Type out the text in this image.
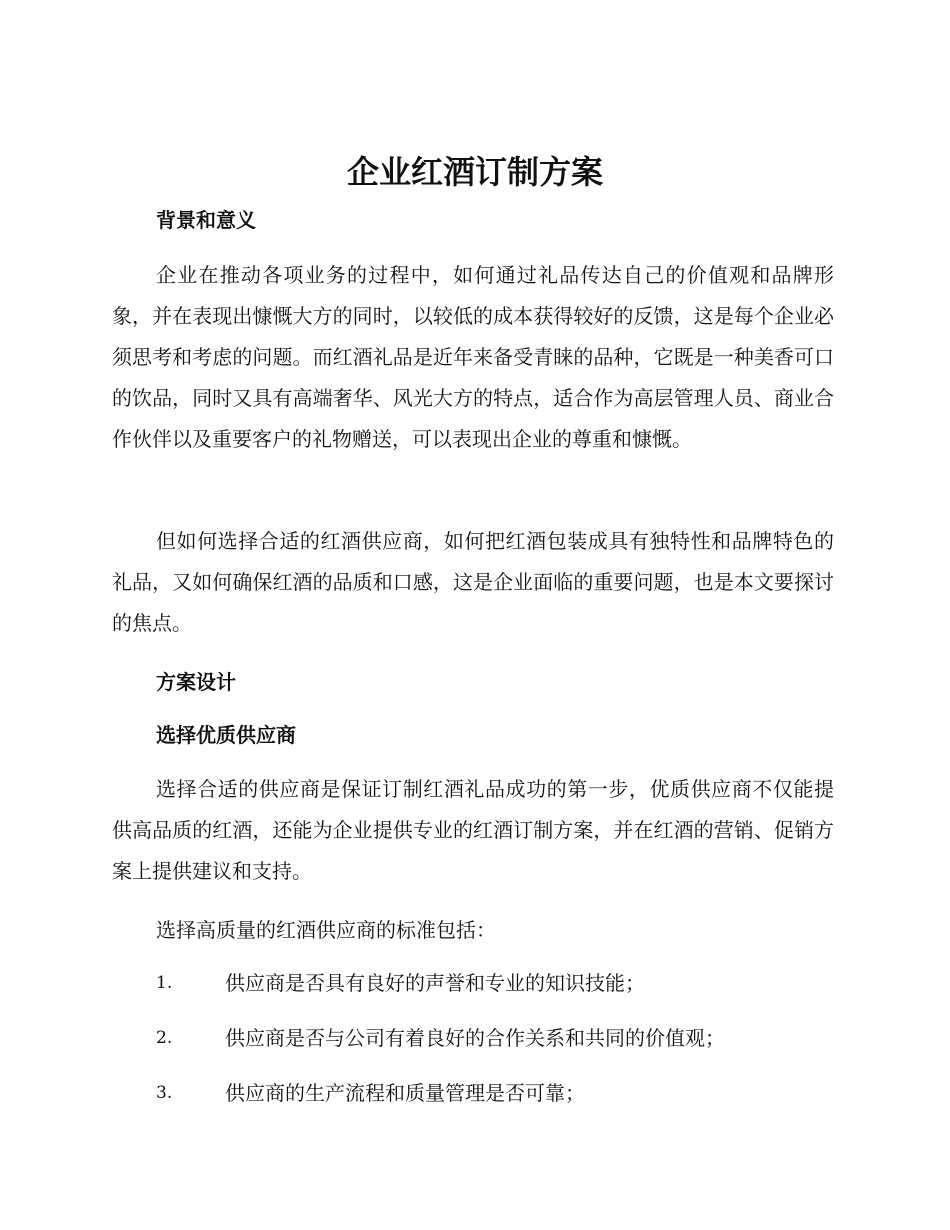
企业红酒订制方案
背景和意义

企业在推动各项业务的过程中，如何通过礼品传达自己的价值观和品牌形象，并在表现出慷慨大方的同时，以较低的成本获得较好的反馈，这是每个企业必须思考和考虑的问题。而红酒礼品是近年来备受青睐的品种，它既是一种美香可口的饮品，同时又具有高端奢华、风光大方的特点，适合作为高层管理人员、商业合作伙伴以及重要客户的礼物赠送，可以表现出企业的尊重和慷慨。

但如何选择合适的红酒供应商，如何把红酒包装成具有独特性和品牌特色的礼品，又如何确保红酒的品质和口感，这是企业面临的重要问题，也是本文要探讨的焦点。

方案设计
选择优质供应商

选择合适的供应商是保证订制红酒礼品成功的第一步，优质供应商不仅能提供高品质的红酒，还能为企业提供专业的红酒订制方案，并在红酒的营销、促销方案上提供建议和支持。

选择高质量的红酒供应商的标准包括：

1.	供应商是否具有良好的声誉和专业的知识技能；
2.	供应商是否与公司有着良好的合作关系和共同的价值观；
3.	供应商的生产流程和质量管理是否可靠；
